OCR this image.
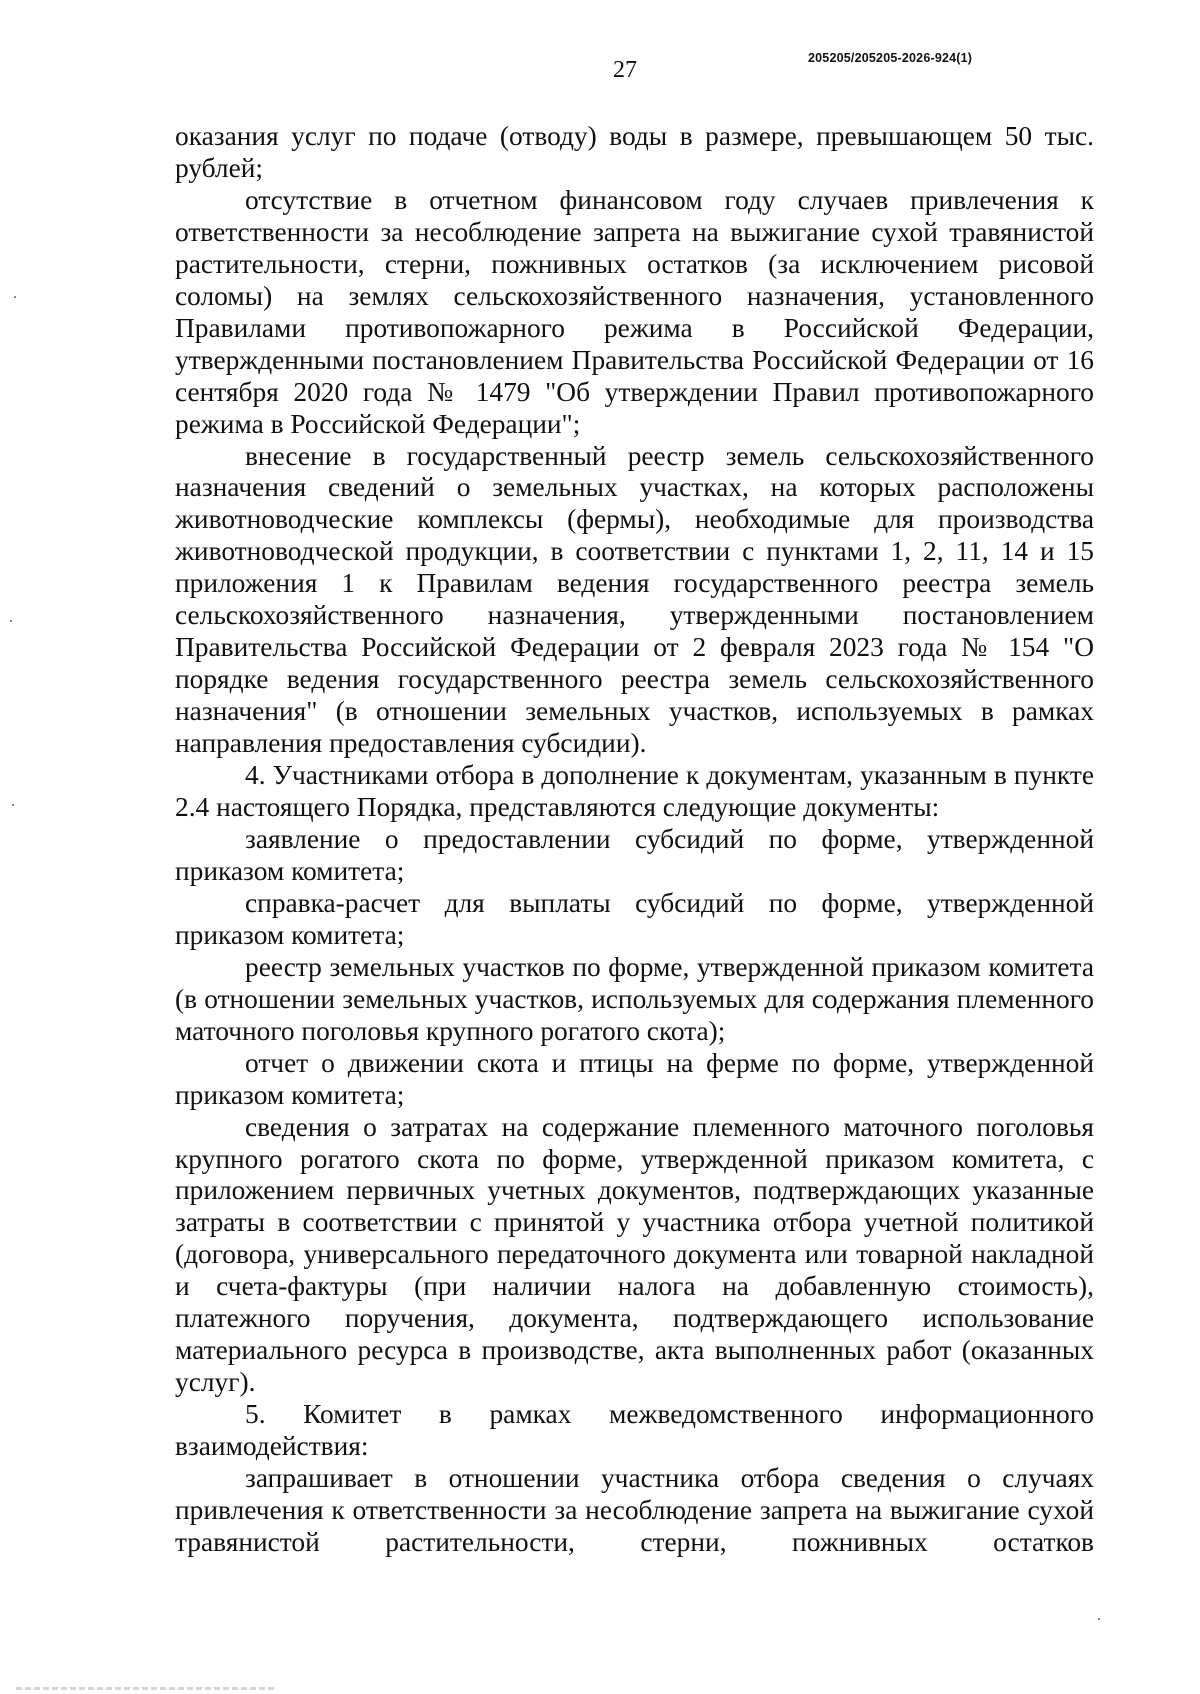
27	205205/205205-2026-924(1)

оказания услуг по подаче (отводу) воды в размере, превышающем 50 тыс. рублей;

отсутствие в отчетном финансовом году случаев привлечения к ответственности за несоблюдение запрета на выжигание сухой травянистой растительности, стерни, пожнивных остатков (за исключением рисовой соломы) на землях сельскохозяйственного назначения, установленного Правилами противопожарного режима в Российской Федерации, утвержденными постановлением Правительства Российской Федерации от 16 сентября 2020 года № 1479 "Об утверждении Правил противопожарного режима в Российской Федерации";

внесение в государственный реестр земель сельскохозяйственного назначения сведений о земельных участках, на которых расположены животноводческие комплексы (фермы), необходимые для производства животноводческой продукции, в соответствии с пунктами 1, 2, 11, 14 и 15 приложения 1 к Правилам ведения государственного реестра земель сельскохозяйственного назначения, утвержденными постановлением Правительства Российской Федерации от 2 февраля 2023 года № 154 "О порядке ведения государственного реестра земель сельскохозяйственного назначения" (в отношении земельных участков, используемых в рамках направления предоставления субсидии).

4. Участниками отбора в дополнение к документам, указанным в пункте 2.4 настоящего Порядка, представляются следующие документы:

заявление о предоставлении субсидий по форме, утвержденной приказом комитета;

справка-расчет для выплаты субсидий по форме, утвержденной приказом комитета;

реестр земельных участков по форме, утвержденной приказом комитета (в отношении земельных участков, используемых для содержания племенного маточного поголовья крупного рогатого скота);

отчет о движении скота и птицы на ферме по форме, утвержденной приказом комитета;

сведения о затратах на содержание племенного маточного поголовья крупного рогатого скота по форме, утвержденной приказом комитета, с приложением первичных учетных документов, подтверждающих указанные затраты в соответствии с принятой у участника отбора учетной политикой (договора, универсального передаточного документа или товарной накладной и счета-фактуры (при наличии налога на добавленную стоимость), платежного поручения, документа, подтверждающего использование материального ресурса в производстве, акта выполненных работ (оказанных услуг).

5. Комитет в рамках межведомственного информационного взаимодействия:

запрашивает в отношении участника отбора сведения о случаях привлечения к ответственности за несоблюдение запрета на выжигание сухой травянистой растительности, стерни, пожнивных остатков
